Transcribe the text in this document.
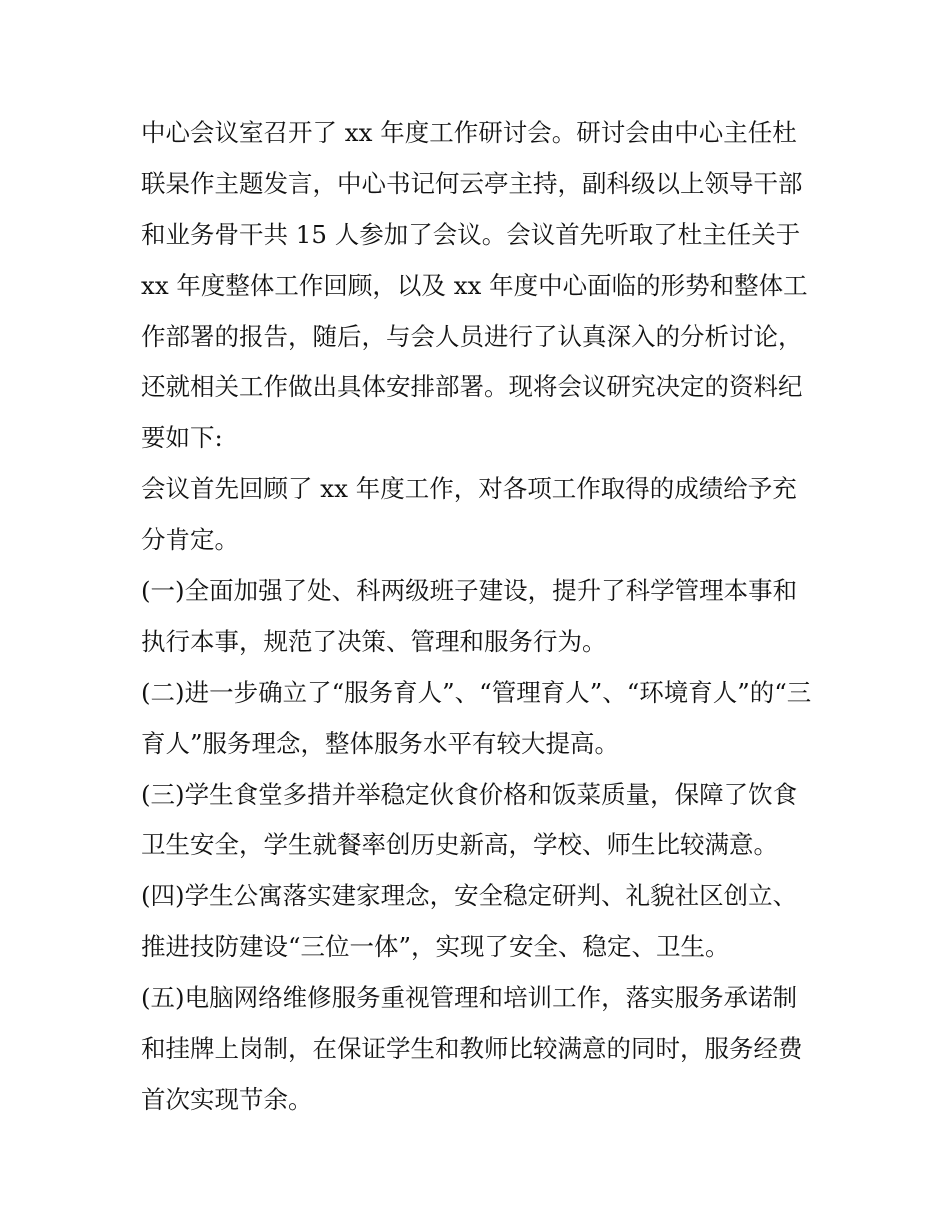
中心会议室召开了 xx 年度工作研讨会。研讨会由中心主任杜
联杲作主题发言，中心书记何云亭主持，副科级以上领导干部
和业务骨干共 15 人参加了会议。会议首先听取了杜主任关于
xx 年度整体工作回顾，以及 xx 年度中心面临的形势和整体工
作部署的报告，随后，与会人员进行了认真深入的分析讨论，
还就相关工作做出具体安排部署。现将会议研究决定的资料纪
要如下:
会议首先回顾了 xx 年度工作，对各项工作取得的成绩给予充
分肯定。
(一)全面加强了处、科两级班子建设，提升了科学管理本事和
执行本事，规范了决策、管理和服务行为。
(二)进一步确立了“服务育人”、“管理育人”、“环境育人”的“三
育人”服务理念，整体服务水平有较大提高。
(三)学生食堂多措并举稳定伙食价格和饭菜质量，保障了饮食
卫生安全，学生就餐率创历史新高，学校、师生比较满意。
(四)学生公寓落实建家理念，安全稳定研判、礼貌社区创立、
推进技防建设“三位一体”，实现了安全、稳定、卫生。
(五)电脑网络维修服务重视管理和培训工作，落实服务承诺制
和挂牌上岗制，在保证学生和教师比较满意的同时，服务经费
首次实现节余。
